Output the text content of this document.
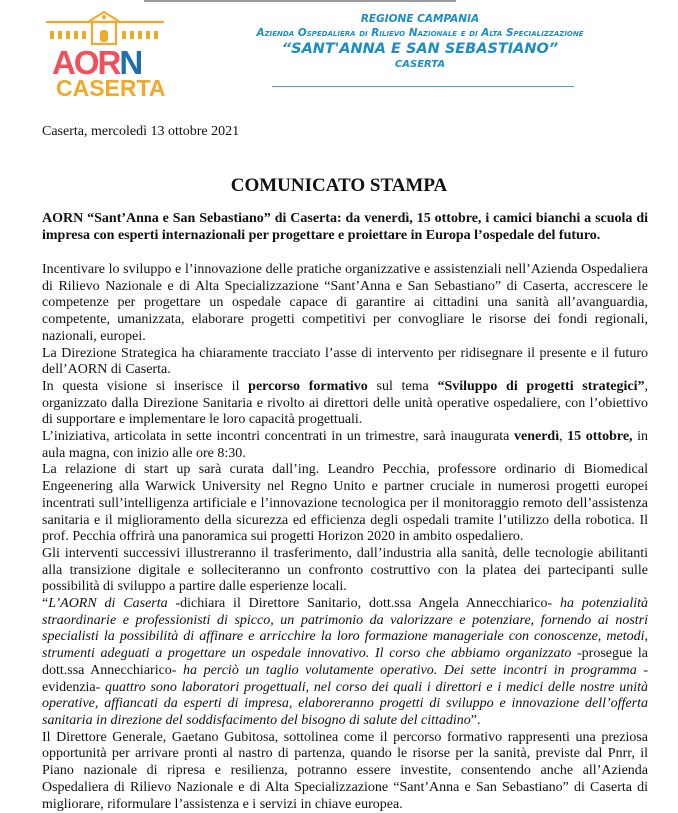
AORN
CASERTA
REGIONE CAMPANIA
Azienda Ospedaliera di Rilievo Nazionale e di Alta Specializzazione
“SANT'ANNA E SAN SEBASTIANO”
CASERTA
Caserta, mercoledì 13 ottobre 2021
COMUNICATO STAMPA
AORN “Sant’Anna e San Sebastiano” di Caserta: da venerdì, 15 ottobre, i camici bianchi a scuola di impresa con esperti internazionali per progettare e proiettare in Europa l’ospedale del futuro.

Incentivare lo sviluppo e l’innovazione delle pratiche organizzative e assistenziali nell’Azienda Ospedaliera di Rilievo Nazionale e di Alta Specializzazione “Sant’Anna e San Sebastiano” di Caserta, accrescere le competenze per progettare un ospedale capace di garantire ai cittadini una sanità all’avanguardia, competente, umanizzata, elaborare progetti competitivi per convogliare le risorse dei fondi regionali, nazionali, europei.

La Direzione Strategica ha chiaramente tracciato l’asse di intervento per ridisegnare il presente e il futuro dell’AORN di Caserta.

In questa visione si inserisce il percorso formativo sul tema “Sviluppo di progetti strategici”, organizzato dalla Direzione Sanitaria e rivolto ai direttori delle unità operative ospedaliere, con l’obiettivo di supportare e implementare le loro capacità progettuali.

L’iniziativa, articolata in sette incontri concentrati in un trimestre, sarà inaugurata venerdì, 15 ottobre, in aula magna, con inizio alle ore 8:30.

La relazione di start up sarà curata dall’ing. Leandro Pecchia, professore ordinario di Biomedical Engeenering alla Warwick University nel Regno Unito e partner cruciale in numerosi progetti europei incentrati sull’intelligenza artificiale e l’innovazione tecnologica per il monitoraggio remoto dell’assistenza sanitaria e il miglioramento della sicurezza ed efficienza degli ospedali tramite l’utilizzo della robotica. Il prof. Pecchia offrirà una panoramica sui progetti Horizon 2020 in ambito ospedaliero.

Gli interventi successivi illustreranno il trasferimento, dall’industria alla sanità, delle tecnologie abilitanti alla transizione digitale e solleciteranno un confronto costruttivo con la platea dei partecipanti sulle possibilità di sviluppo a partire dalle esperienze locali.

“L’AORN di Caserta -dichiara il Direttore Sanitario, dott.ssa Angela Annecchiarico- ha potenzialità straordinarie e professionisti di spicco, un patrimonio da valorizzare e potenziare, fornendo ai nostri specialisti la possibilità di affinare e arricchire la loro formazione manageriale con conoscenze, metodi, strumenti adeguati a progettare un ospedale innovativo. Il corso che abbiamo organizzato -prosegue la dott.ssa Annecchiarico- ha perciò un taglio volutamente operativo. Dei sette incontri in programma -evidenzia- quattro sono laboratori progettuali, nel corso dei quali i direttori e i medici delle nostre unità operative, affiancati da esperti di impresa, elaboreranno progetti di sviluppo e innovazione dell’offerta sanitaria in direzione del soddisfacimento del bisogno di salute del cittadino”.

Il Direttore Generale, Gaetano Gubitosa, sottolinea come il percorso formativo rappresenti una preziosa opportunità per arrivare pronti al nastro di partenza, quando le risorse per la sanità, previste dal Pnrr, il Piano nazionale di ripresa e resilienza, potranno essere investite, consentendo anche all’Azienda Ospedaliera di Rilievo Nazionale e di Alta Specializzazione “Sant’Anna e San Sebastiano” di Caserta di migliorare, riformulare l’assistenza e i servizi in chiave europea.
